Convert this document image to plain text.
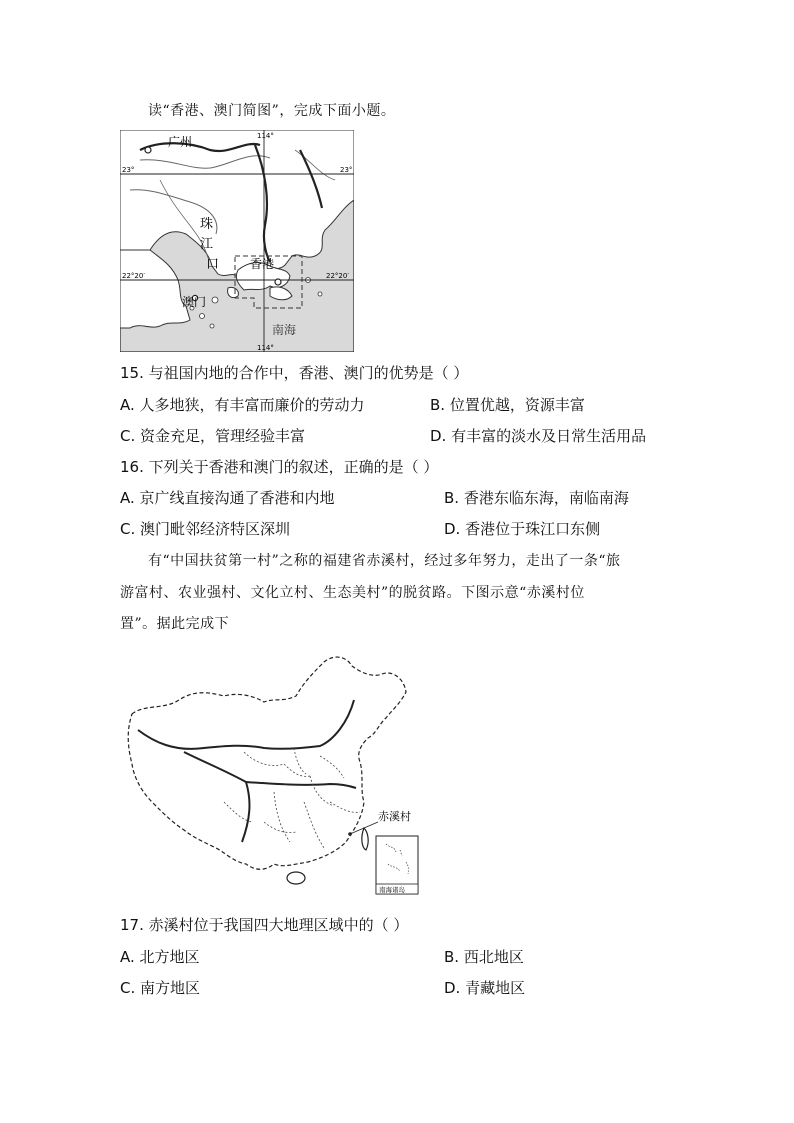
读“香港、澳门简图”，完成下面小题。
广州
珠
江
口	香港
澳门
南海
114°
114°
23°	23°
22°20′	22°20′
15. 与祖国内地的合作中，香港、澳门的优势是（ ）
A. 人多地狭，有丰富而廉价的劳动力	B. 位置优越，资源丰富
C. 资金充足，管理经验丰富	D. 有丰富的淡水及日常生活用品
16. 下列关于香港和澳门的叙述，正确的是（ ）
A. 京广线直接沟通了香港和内地	B. 香港东临东海，南临南海
C. 澳门毗邻经济特区深圳	D. 香港位于珠江口东侧
有“中国扶贫第一村”之称的福建省赤溪村，经过多年努力，走出了一条“旅
游富村、农业强村、文化立村、生态美村”的脱贫路。下图示意“赤溪村位
置”。据此完成下
赤溪村
南海诸岛
17. 赤溪村位于我国四大地理区域中的（ ）
A. 北方地区	B. 西北地区
C. 南方地区	D. 青藏地区
